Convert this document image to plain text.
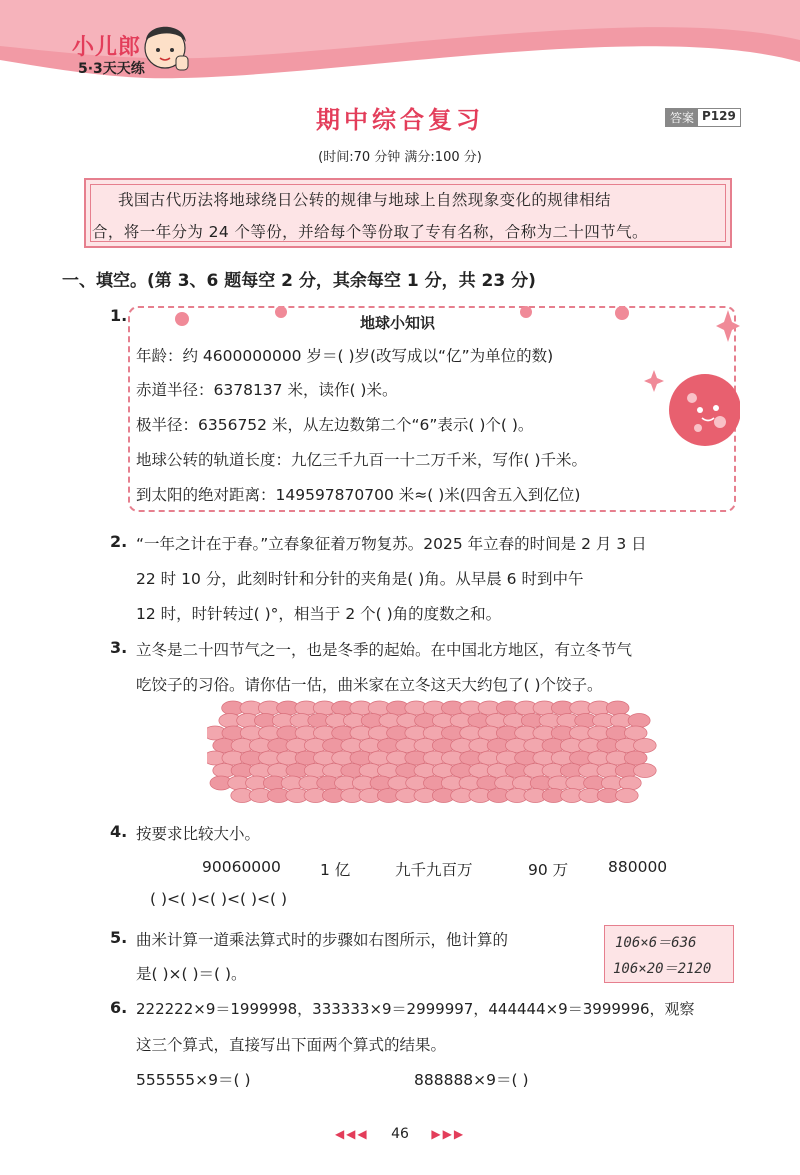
小儿郎
5·3天天练
期中综合复习	答案 P129
(时间:70 分钟 满分:100 分)
我国古代历法将地球绕日公转的规律与地球上自然现象变化的规律相结
合，将一年分为 24 个等份，并给每个等份取了专有名称，合称为二十四节气。
一、填空。(第 3、6 题每空 2 分，其余每空 1 分，共 23 分)
1.	地球小知识
年龄：约 4600000000 岁＝( )岁(改写成以“亿”为单位的数)
赤道半径：6378137 米，读作( )米。
极半径：6356752 米，从左边数第二个“6”表示( )个( )。
地球公转的轨道长度：九亿三千九百一十二万千米，写作( )千米。
到太阳的绝对距离：149597870700 米≈( )米(四舍五入到亿位)
2. “一年之计在于春。”立春象征着万物复苏。2025 年立春的时间是 2 月 3 日
22 时 10 分，此刻时针和分针的夹角是( )角。从早晨 6 时到中午
12 时，时针转过( )°，相当于 2 个( )角的度数之和。
3. 立冬是二十四节气之一，也是冬季的起始。在中国北方地区，有立冬节气
吃饺子的习俗。请你估一估，曲米家在立冬这天大约包了( )个饺子。
4. 按要求比较大小。
90060000	1 亿	九千九百万	90 万	880000
( )<( )<( )<( )<( )
5. 曲米计算一道乘法算式时的步骤如右图所示，他计算的
是( )×( )＝( )。
106×6＝636
106×20＝2120
6. 222222×9＝1999998，333333×9＝2999997，444444×9＝3999996，观察
这三个算式，直接写出下面两个算式的结果。
555555×9＝( )	888888×9＝( )
◀◀◀ 46 ▶▶▶
